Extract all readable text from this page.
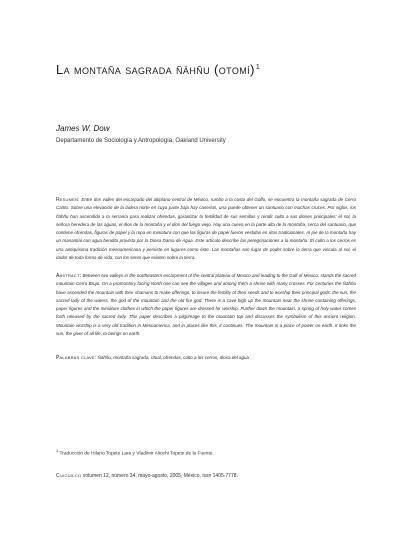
La montaña sagrada ñähñu (otomí)$^1$
James W. Dow
Departamento de Sociología y Antropología, Oakland University

Resumen: Entre dos valles del escarpado del altiplano central de México, rumbo a la costa del Golfo, se encuentra la montaña sagrada de Cerro Canto. Sobre una elevación de la ladera norte en cuya parte baja hay caseríos, una puede obtener un santuario con muchas cruces. Por siglos, los ñähñu han ascendido a la serranía para realizar ofrendas, garantizar la fertilidad de sus semillas y rendir culto a sus dioses principales: el sol, la señora heredera de las aguas, el dios de la montaña y el dios del fuego viejo. Hay una cueva en la parte alta de la montaña, cerca del santuario, que contiene ofrendas, figuras de papel y la ropa en miniatura con que las figuras de papel fueron vestidas en ritos tradicionales. Al pie de la montaña hay un manantial con agua bendita provista por la Diosa Dama de Agua. Este artículo describe las peregrinaciones a la montaña. El culto a los cerros es una antiquísima tradición mesoamericana y persiste en lugares como éste. Las montañas son lugar de poder sobre la tierra que vincula al sol, el dador de toda forma de vida, con los seres que existen sobre la tierra.

Abstract: Between two valleys in the northeastern escarpment of the central plateau of Mexico and leading to the Gulf of Mexico, stands the sacred mountain Cerro Brujo. On a promontory facing North one can see the villages and among them a shrine with many crosses. For centuries the Ñähñu have ascended the mountain with their shamans to make offerings, to insure the fertility of their seeds and to worship their principal gods: the sun, the sacred lady of the waters, the god of the mountain and the old fire god. There is a cave high up the mountain near the shrine containing offerings, paper figures and the miniature clothes in which the paper figures are dressed for worship. Further down the mountain, a spring of holy water comes forth released by the sacred lady. This paper describes a pilgrimage to the mountain top and discusses the symbolism of this ancient religion. Mountain worship is a very old tradition in Mesoamerica, and in places like this, it continues. The mountain is a place of power on earth. It links the sun, the giver of all life, to beings on earth.

Palabras clave: Ñähñu, montaña sagrada, ritual, ofrendas, culto a los cerros, diosa del agua

$^1$ Traducción de Hilario Topete Lara y Vladimir Aliochi Topete de la Fuente.
Cuicuilco volumen 12, número 34, mayo-agosto, 2005, México, issn 1405-7778.
